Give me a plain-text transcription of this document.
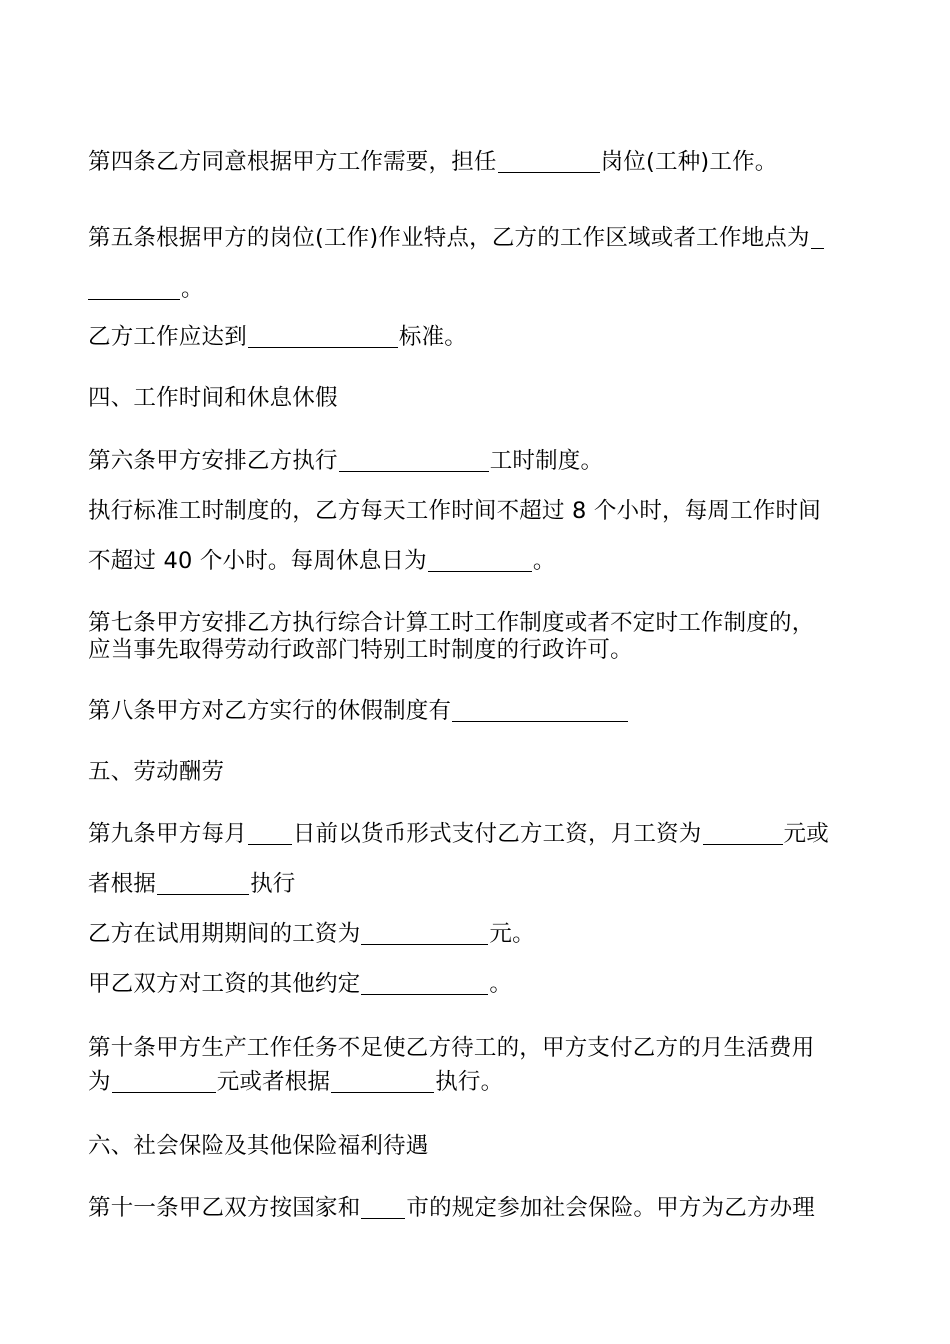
第四条乙方同意根据甲方工作需要，担任	岗位(工种)工作。
第五条根据甲方的岗位(工作)作业特点，乙方的工作区域或者工作地点为
。
乙方工作应达到	标准。
四、工作时间和休息休假
第六条甲方安排乙方执行	工时制度。
执行标准工时制度的，乙方每天工作时间不超过 8 个小时，每周工作时间
不超过 40 个小时。每周休息日为	。
第七条甲方安排乙方执行综合计算工时工作制度或者不定时工作制度的，
应当事先取得劳动行政部门特别工时制度的行政许可。
第八条甲方对乙方实行的休假制度有
五、劳动酬劳
第九条甲方每月 日前以货币形式支付乙方工资，月工资为	元或
者根据	执行
乙方在试用期期间的工资为	元。
甲乙双方对工资的其他约定	。
第十条甲方生产工作任务不足使乙方待工的，甲方支付乙方的月生活费用
为	元或者根据	执行。
六、社会保险及其他保险福利待遇
第十一条甲乙双方按国家和 市的规定参加社会保险。甲方为乙方办理
